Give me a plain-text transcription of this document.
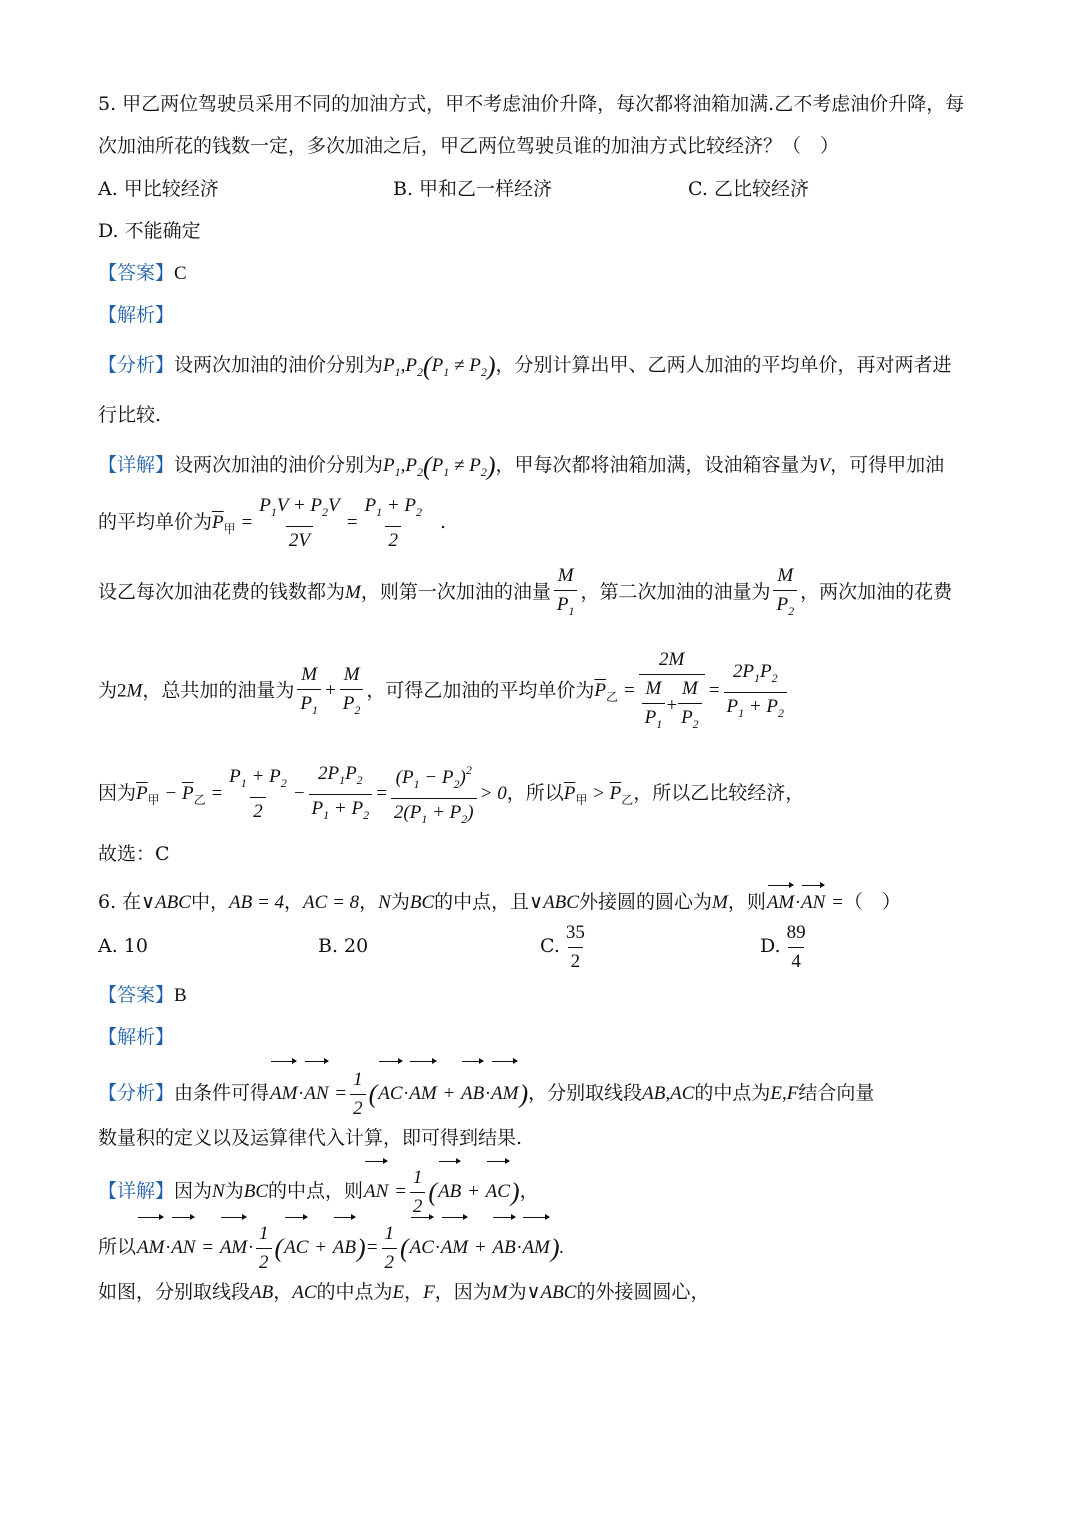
5. 甲乙两位驾驶员采用不同的加油方式，甲不考虑油价升降，每次都将油箱加满.乙不考虑油价升降，每
次加油所花的钱数一定，多次加油之后，甲乙两位驾驶员谁的加油方式比较经济？（　）
A. 甲比较经济	B. 甲和乙一样经济	C. 乙比较经济
D. 不能确定
【答案】C
【解析】
【分析】设两次加油的油价分别为$P_1,P_2(P_1 \ne P_2)$，分别计算出甲、乙两人加油的平均单价，再对两者进
行比较.
【详解】设两次加油的油价分别为$P_1,P_2(P_1 \ne P_2)$，甲每次都将油箱加满，设油箱容量为V，可得甲加油
的平均单价为$\overline{P}_甲 = \frac{P_1V + P_2V}{2V} = \frac{P_1 + P_2}{2}$ .
设乙每次加油花费的钱数都为M，则第一次加油的油量 $\frac{M}{P_1}$ ，第二次加油的油量为 $\frac{M}{P_2}$ ，两次加油的花费
为2M，总共加的油量为 $\frac{M}{P_1} + \frac{M}{P_2}$ ，可得乙加油的平均单价为$\overline{P}_乙 = \frac{2M}{\frac{M}{P_1} + \frac{M}{P_2}} = \frac{2P_1P_2}{P_1 + P_2}$
因为$\overline{P}_甲 - \overline{P}_乙 = \frac{P_1 + P_2}{2} - \frac{2P_1P_2}{P_1 + P_2} = \frac{(P_1 - P_2)^2}{2(P_1 + P_2)} > 0$，所以$\overline{P}_甲 > \overline{P}_乙$，所以乙比较经济，
故选：C
6. 在∨ABC中，AB = 4，AC = 8，N为BC的中点，且∨ABC外接圆的圆心为M，则AM·AN =（　）
A. 10	B. 20	C. $\frac{35}{2}$	D. $\frac{89}{4}$
【答案】B
【解析】
【分析】由条件可得$AM\cdot AN = \frac{1}{2} (AC\cdot AM + AB\cdot AM)$，分别取线段AB,AC的中点为E,F结合向量
数量积的定义以及运算律代入计算，即可得到结果.
【详解】因为N为BC的中点，则AN = $\frac{1}{2} (AB + AC)$，
所以$AM\cdot AN = AM\cdot \frac{1}{2} (AC + AB)= \frac{1}{2} (AC\cdot AM + AB\cdot AM)$.
如图，分别取线段AB，AC的中点为E，F，因为M为∨ABC的外接圆圆心，
